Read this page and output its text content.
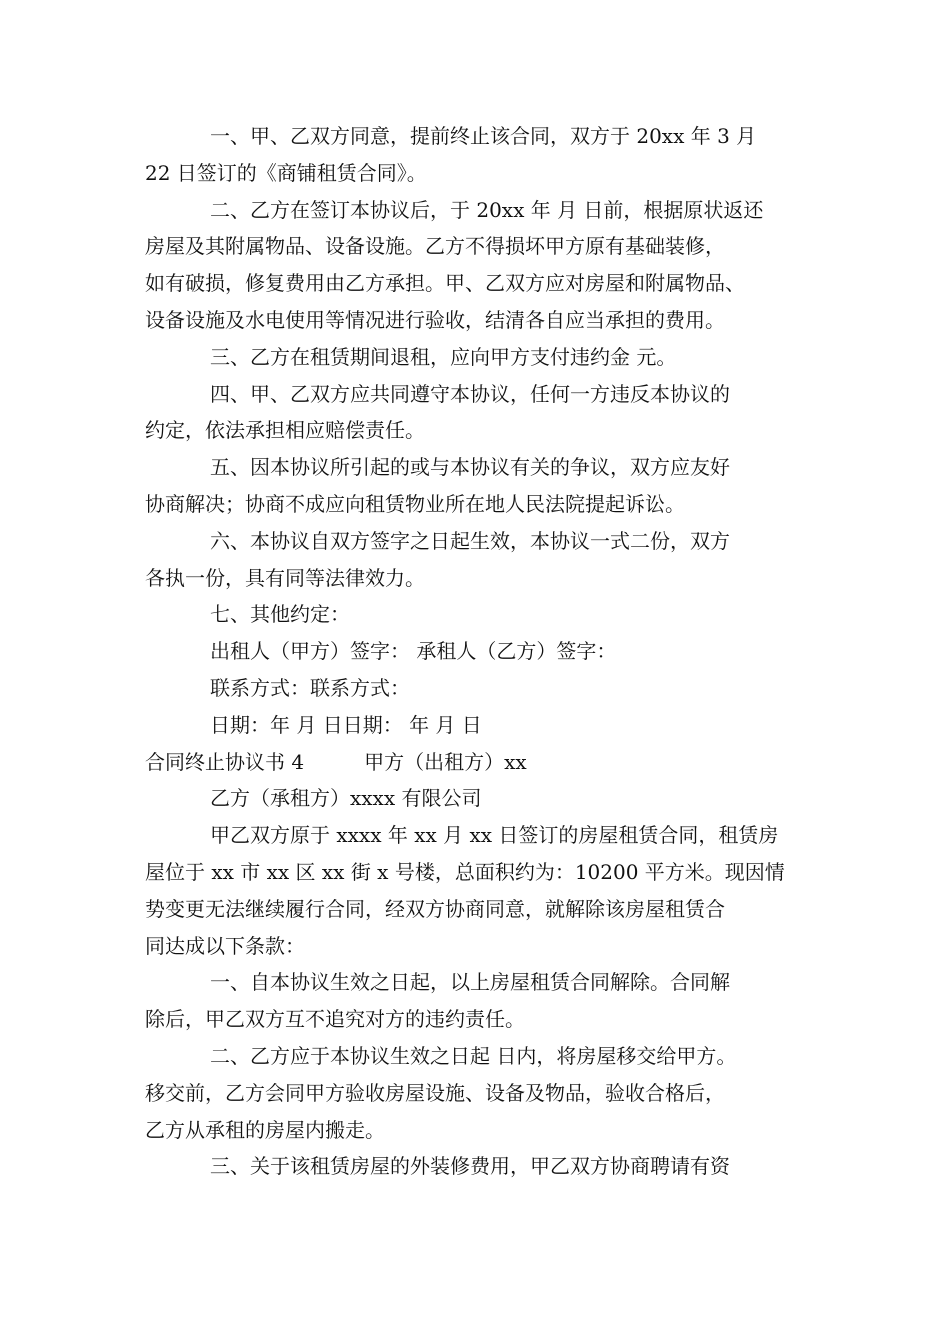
一、甲、乙双方同意，提前终止该合同，双方于 20xx 年 3 月
22 日签订的《商铺租赁合同》。
二、乙方在签订本协议后，于 20xx 年 月 日前，根据原状返还
房屋及其附属物品、设备设施。乙方不得损坏甲方原有基础装修，
如有破损，修复费用由乙方承担。甲、乙双方应对房屋和附属物品、
设备设施及水电使用等情况进行验收，结清各自应当承担的费用。
三、乙方在租赁期间退租，应向甲方支付违约金 元。
四、甲、乙双方应共同遵守本协议，任何一方违反本协议的
约定，依法承担相应赔偿责任。
五、因本协议所引起的或与本协议有关的争议，双方应友好
协商解决；协商不成应向租赁物业所在地人民法院提起诉讼。
六、本协议自双方签字之日起生效，本协议一式二份，双方
各执一份，具有同等法律效力。
七、其他约定：
出租人（甲方）签字： 承租人（乙方）签字：
联系方式：联系方式：
日期：年 月 日日期： 年 月 日
合同终止协议书 4	甲方（出租方）xx
乙方（承租方）xxxx 有限公司
甲乙双方原于 xxxx 年 xx 月 xx 日签订的房屋租赁合同，租赁房
屋位于 xx 市 xx 区 xx 街 x 号楼，总面积约为：10200 平方米。现因情
势变更无法继续履行合同，经双方协商同意，就解除该房屋租赁合
同达成以下条款：
一、自本协议生效之日起，以上房屋租赁合同解除。合同解
除后，甲乙双方互不追究对方的违约责任。
二、乙方应于本协议生效之日起 日内，将房屋移交给甲方。
移交前，乙方会同甲方验收房屋设施、设备及物品，验收合格后，
乙方从承租的房屋内搬走。
三、关于该租赁房屋的外装修费用，甲乙双方协商聘请有资
